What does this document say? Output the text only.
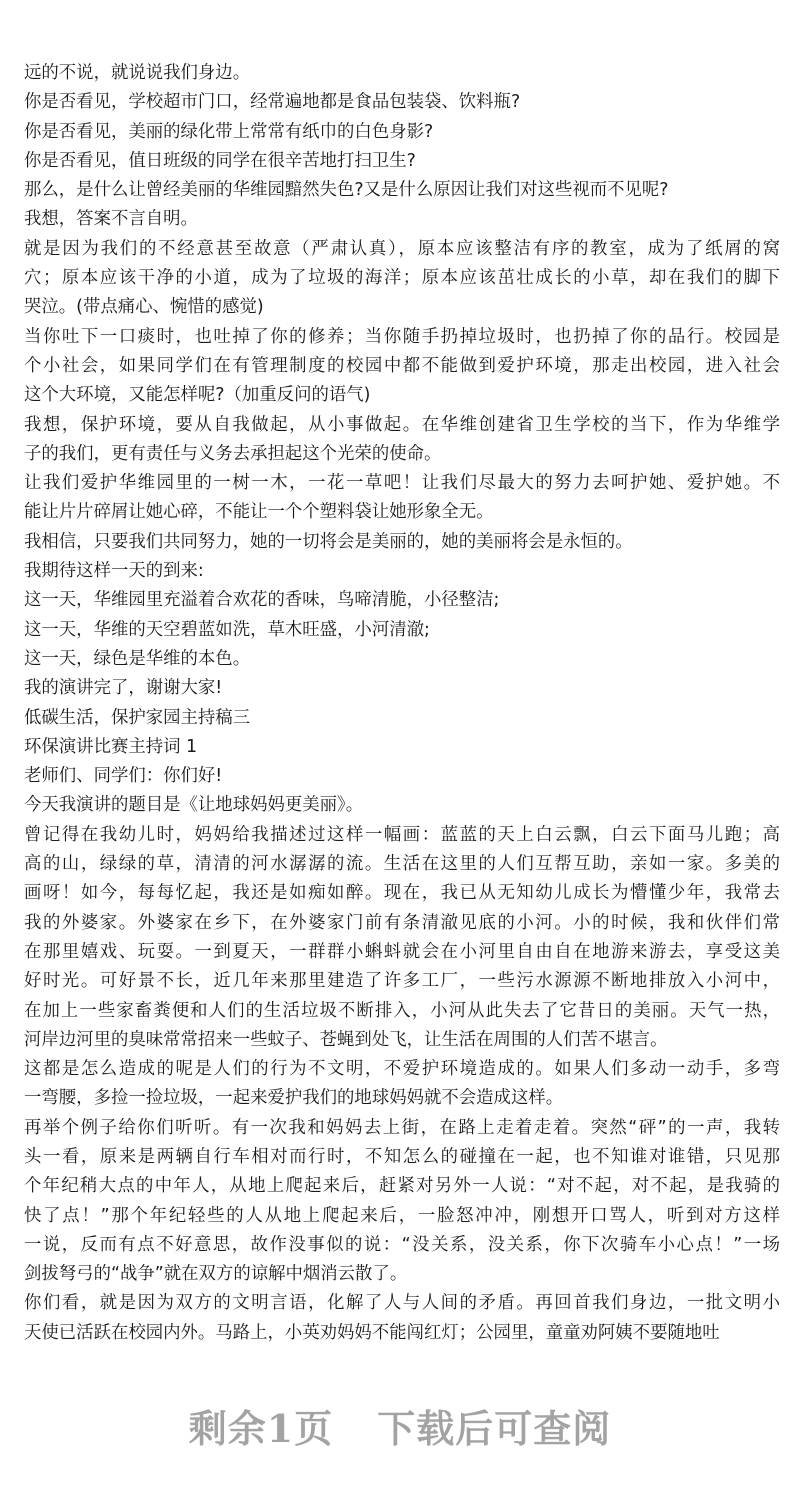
远的不说，就说说我们身边。
你是否看见，学校超市门口，经常遍地都是食品包装袋、饮料瓶?
你是否看见，美丽的绿化带上常常有纸巾的白色身影?
你是否看见，值日班级的同学在很辛苦地打扫卫生?
那么，是什么让曾经美丽的华维园黯然失色?又是什么原因让我们对这些视而不见呢?
我想，答案不言自明。
就是因为我们的不经意甚至故意（严肃认真），原本应该整洁有序的教室，成为了纸屑的窝
穴；原本应该干净的小道，成为了垃圾的海洋；原本应该茁壮成长的小草，却在我们的脚下
哭泣。(带点痛心、惋惜的感觉)
当你吐下一口痰时，也吐掉了你的修养；当你随手扔掉垃圾时，也扔掉了你的品行。校园是
个小社会，如果同学们在有管理制度的校园中都不能做到爱护环境，那走出校园，进入社会
这个大环境，又能怎样呢?（加重反问的语气)
我想，保护环境，要从自我做起，从小事做起。在华维创建省卫生学校的当下，作为华维学
子的我们，更有责任与义务去承担起这个光荣的使命。
让我们爱护华维园里的一树一木，一花一草吧！让我们尽最大的努力去呵护她、爱护她。不
能让片片碎屑让她心碎，不能让一个个塑料袋让她形象全无。
我相信，只要我们共同努力，她的一切将会是美丽的，她的美丽将会是永恒的。
我期待这样一天的到来:
这一天，华维园里充溢着合欢花的香味，鸟啼清脆，小径整洁;
这一天，华维的天空碧蓝如洗，草木旺盛，小河清澈;
这一天，绿色是华维的本色。
我的演讲完了，谢谢大家!
低碳生活，保护家园主持稿三
环保演讲比赛主持词 1
老师们、同学们：你们好!
今天我演讲的题目是《让地球妈妈更美丽》。
曾记得在我幼儿时，妈妈给我描述过这样一幅画：蓝蓝的天上白云飘，白云下面马儿跑；高
高的山，绿绿的草，清清的河水潺潺的流。生活在这里的人们互帮互助，亲如一家。多美的
画呀！如今，每每忆起，我还是如痴如醉。现在，我已从无知幼儿成长为懵懂少年，我常去
我的外婆家。外婆家在乡下，在外婆家门前有条清澈见底的小河。小的时候，我和伙伴们常
在那里嬉戏、玩耍。一到夏天，一群群小蝌蚪就会在小河里自由自在地游来游去，享受这美
好时光。可好景不长，近几年来那里建造了许多工厂，一些污水源源不断地排放入小河中，
在加上一些家畜粪便和人们的生活垃圾不断排入，小河从此失去了它昔日的美丽。天气一热，
河岸边河里的臭味常常招来一些蚊子、苍蝇到处飞，让生活在周围的人们苦不堪言。
这都是怎么造成的呢是人们的行为不文明，不爱护环境造成的。如果人们多动一动手，多弯
一弯腰，多捡一捡垃圾，一起来爱护我们的地球妈妈就不会造成这样。
再举个例子给你们听听。有一次我和妈妈去上街，在路上走着走着。突然“砰”的一声，我转
头一看，原来是两辆自行车相对而行时，不知怎么的碰撞在一起，也不知谁对谁错，只见那
个年纪稍大点的中年人，从地上爬起来后，赶紧对另外一人说：“对不起，对不起，是我骑的
快了点！”那个年纪轻些的人从地上爬起来后，一脸怒冲冲，刚想开口骂人，听到对方这样
一说，反而有点不好意思，故作没事似的说：“没关系，没关系，你下次骑车小心点！”一场
剑拔弩弓的“战争”就在双方的谅解中烟消云散了。
你们看，就是因为双方的文明言语，化解了人与人间的矛盾。再回首我们身边，一批文明小
天使已活跃在校园内外。马路上，小英劝妈妈不能闯红灯；公园里，童童劝阿姨不要随地吐
剩余1页 下载后可查阅
